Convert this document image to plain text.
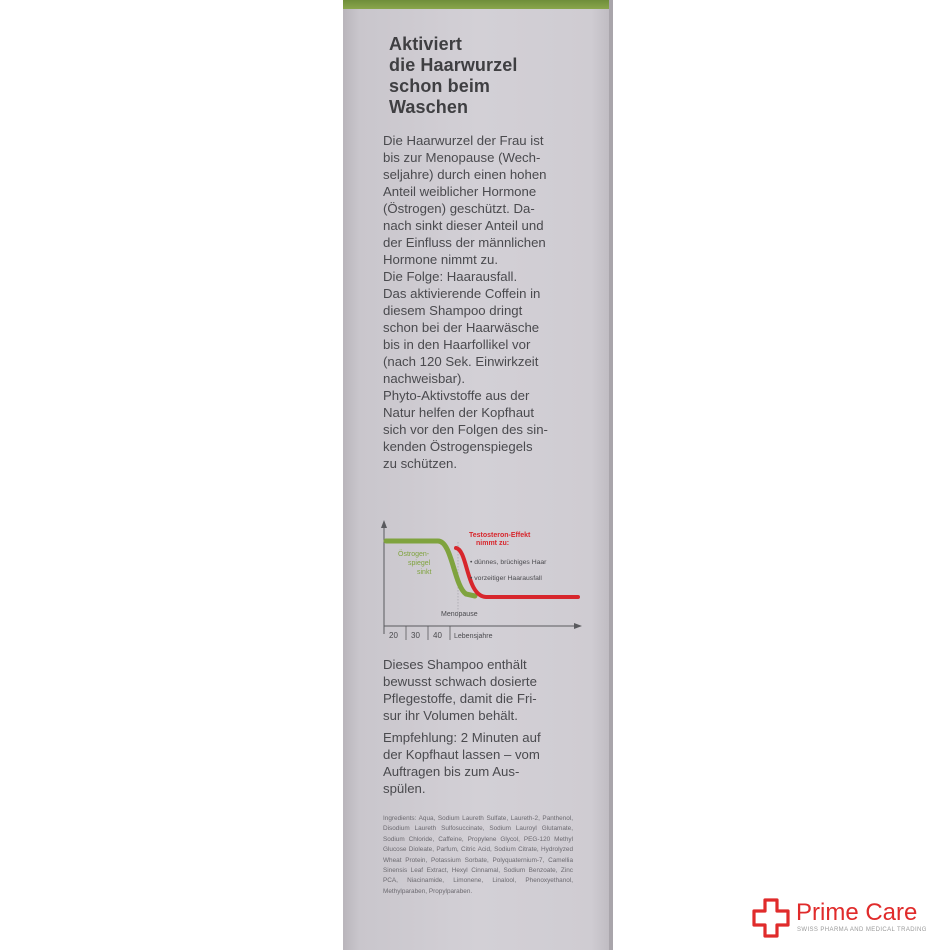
Aktiviert
die Haarwurzel
schon beim
Waschen

Die Haarwurzel der Frau ist
bis zur Menopause (Wech-
seljahre) durch einen hohen
Anteil weiblicher Hormone
(Östrogen) geschützt. Da-
nach sinkt dieser Anteil und
der Einfluss der männlichen
Hormone nimmt zu.
Die Folge: Haarausfall.
Das aktivierende Coffein in
diesem Shampoo dringt
schon bei der Haarwäsche
bis in den Haarfollikel vor
(nach 120 Sek. Einwirkzeit
nachweisbar).
Phyto-Aktivstoffe aus der
Natur helfen der Kopfhaut
sich vor den Folgen des sin-
kenden Östrogenspiegels
zu schützen.

Östrogen-
spiegel
sinkt
Testosteron-Effekt
nimmt zu:
• dünnes, brüchiges Haar
• vorzeitiger Haarausfall
Menopause
20 30 40 Lebensjahre

Dieses Shampoo enthält
bewusst schwach dosierte
Pflegestoffe, damit die Fri-
sur ihr Volumen behält.

Empfehlung: 2 Minuten auf
der Kopfhaut lassen – vom
Auftragen bis zum Aus-
spülen.

Ingredients: Aqua, Sodium Laureth Sulfate, Laureth-2, Panthenol, Disodium Laureth Sulfosuccinate, Sodium Lauroyl Glutamate, Sodium Chloride, Caffeine, Propylene Glycol, PEG-120 Methyl Glucose Dioleate, Parfum, Citric Acid, Sodium Citrate, Hydrolyzed Wheat Protein, Potassium Sorbate, Polyquaternium-7, Camellia Sinensis Leaf Extract, Hexyl Cinnamal, Sodium Benzoate, Zinc PCA, Niacinamide, Limonene, Linalool, Phenoxyethanol, Methylparaben, Propylparaben.
Prime Care
SWISS PHARMA AND MEDICAL TRADING
